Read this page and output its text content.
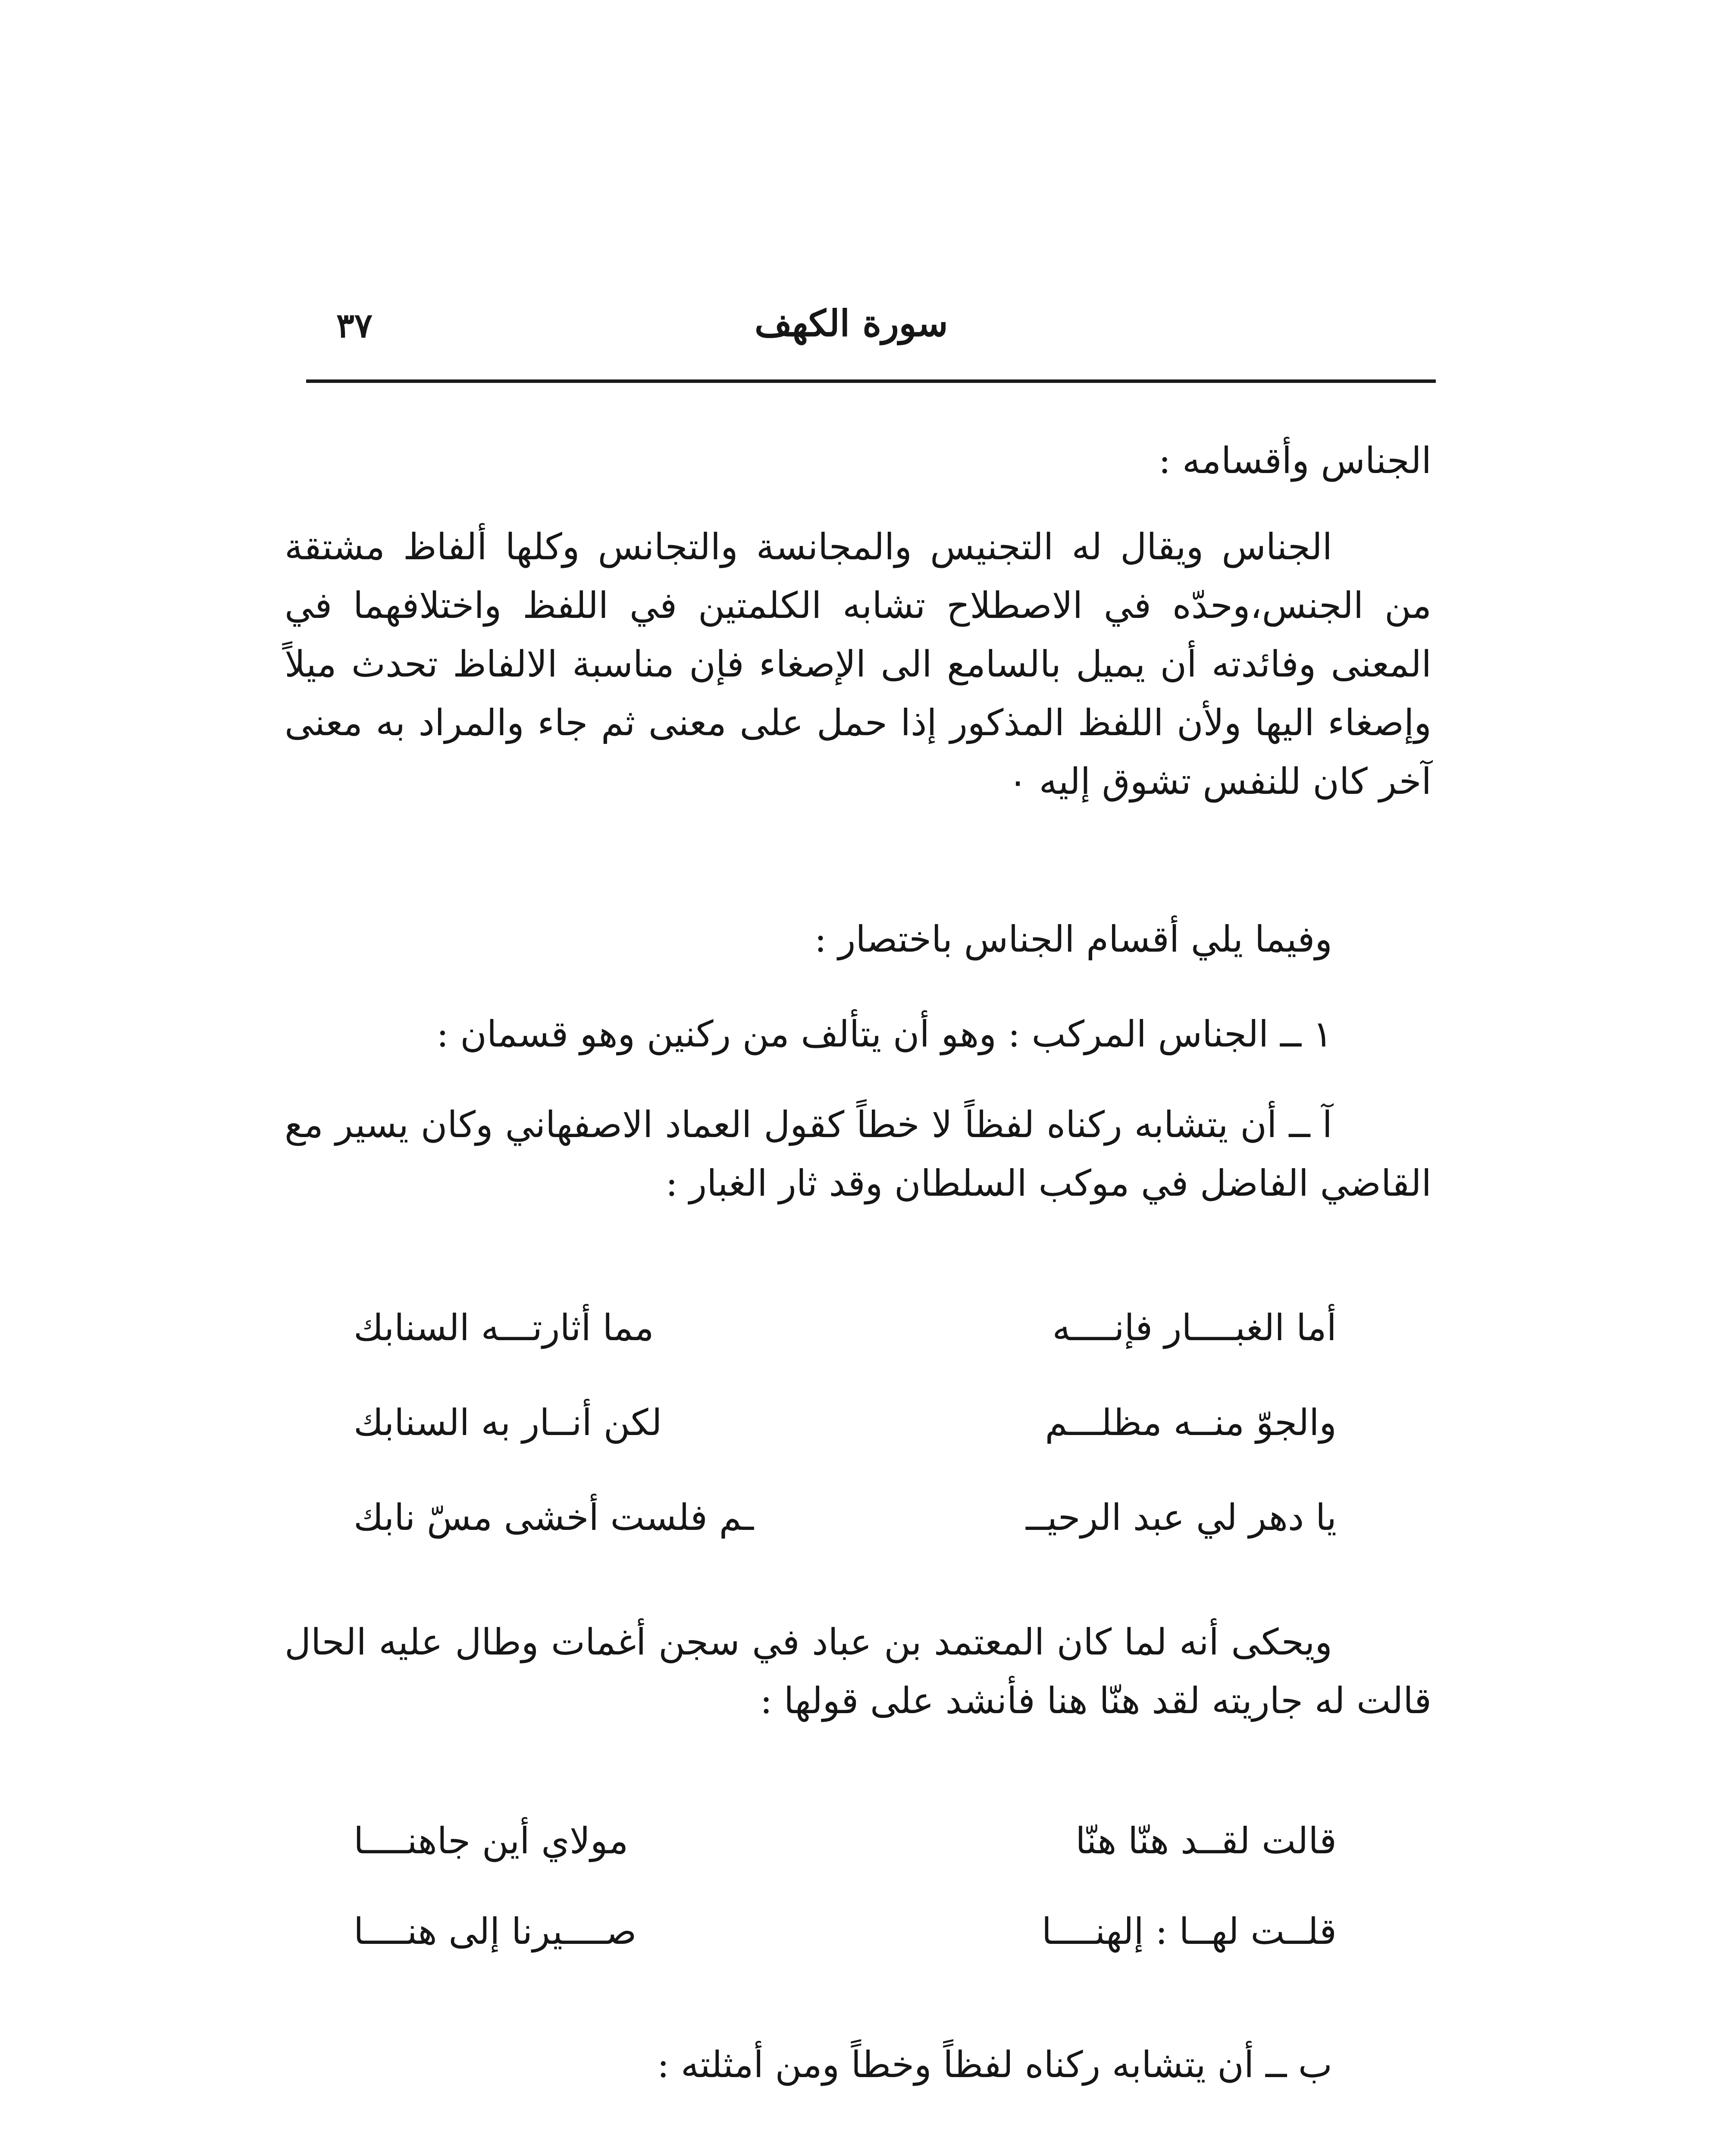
٣٧	سورة الكهف
الجناس وأقسامه :
الجناس ويقال له التجنيس والمجانسة والتجانس وكلها ألفاظ مشتقة من الجنس،وحدّه في الاصطلاح تشابه الكلمتين في اللفظ واختلافهما في المعنى وفائدته أن يميل بالسامع الى الإصغاء فإن مناسبة الالفاظ تحدث ميلاً وإصغاء اليها ولأن اللفظ المذكور إذا حمل على معنى ثم جاء والمراد به معنى آخر كان للنفس تشوق إليه ٠
وفيما يلي أقسام الجناس باختصار :
١ ــ الجناس المركب : وهو أن يتألف من ركنين وهو قسمان :
آ ــ أن يتشابه ركناه لفظاً لا خطاً كقول العماد الاصفهاني وكان يسير مع القاضي الفاضل في موكب السلطان وقد ثار الغبار :
أما الغبــــار فإنــــه
مما أثارتـــه السنابك
والجوّ منــه مظلـــم
لكن أنــار به السنابك
يا دهر لي عبد الرحيــ
ـم فلست أخشى مسّ نابك
ويحكى أنه لما كان المعتمد بن عباد في سجن أغمات وطال عليه الحال قالت له جاريته لقد هنّا هنا فأنشد على قولها :
قالت لقــد هنّا هنّا
مولاي أين جاهنــــا
قلــت لهــا : إلهنــــا
صــــيرنا إلى هنــــا
ب ــ أن يتشابه ركناه لفظاً وخطاً ومن أمثلته :
